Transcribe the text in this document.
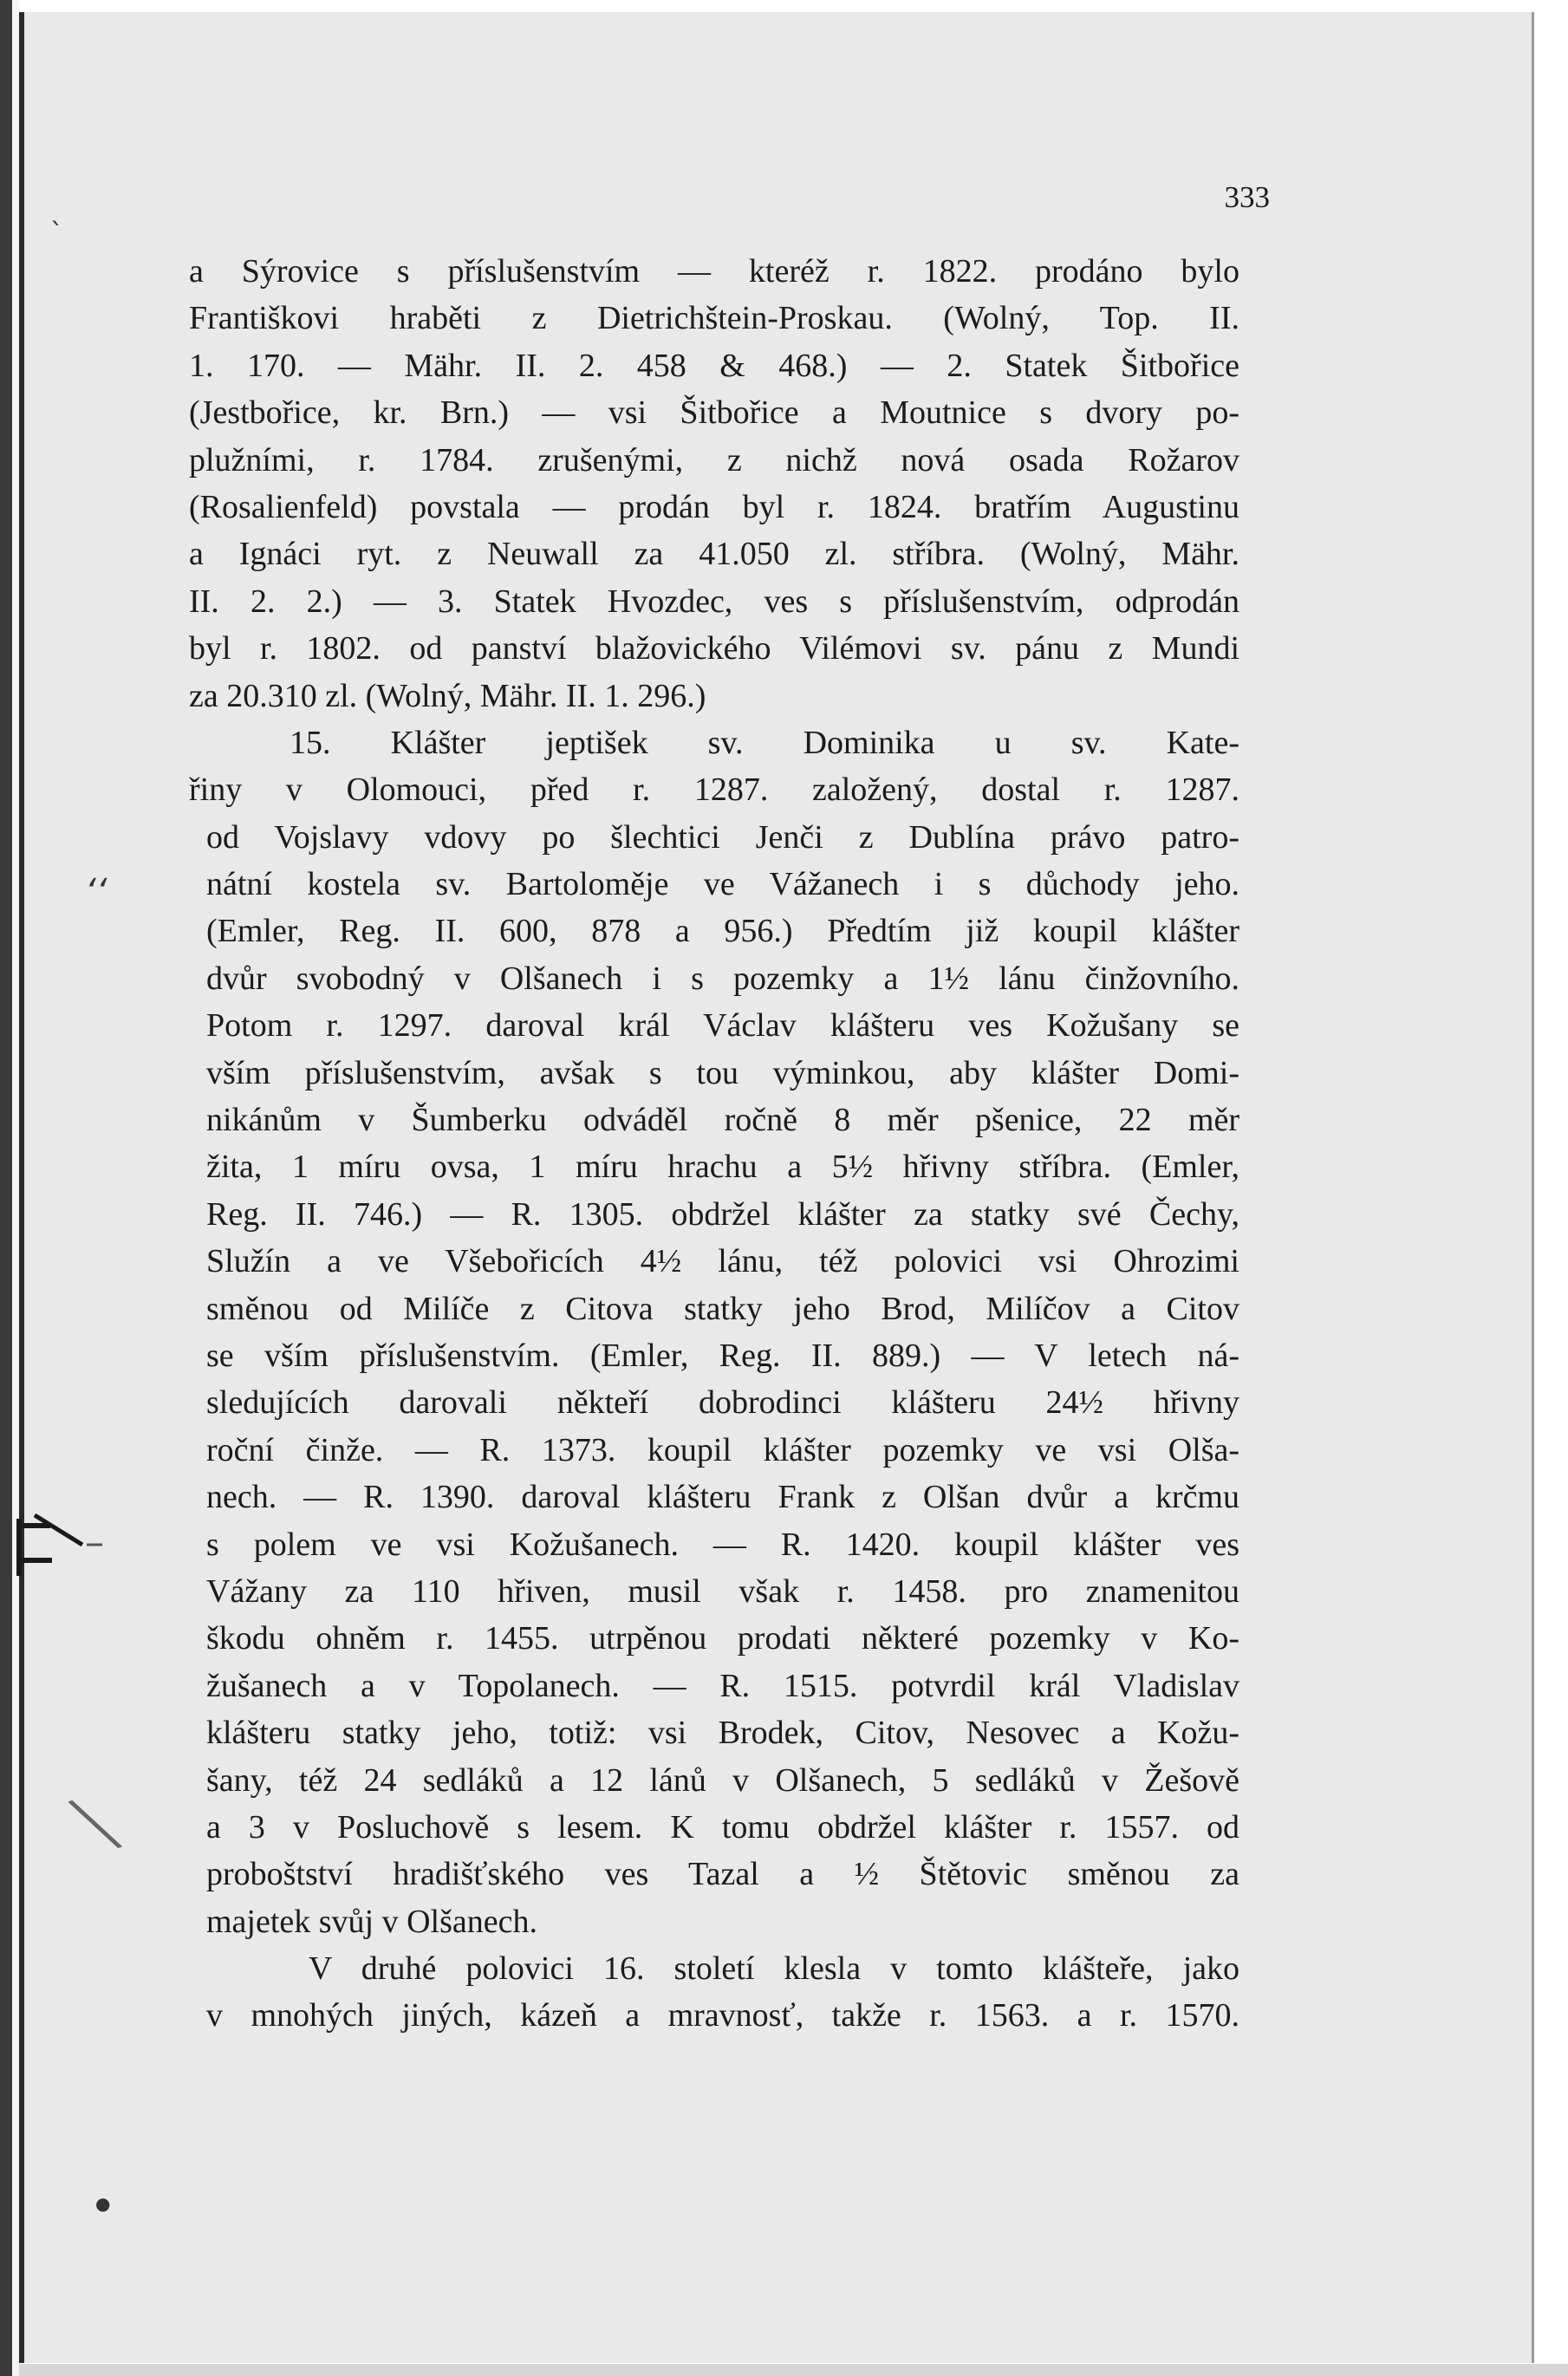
ˎ
ʻʻ
╲
●
333
a Sýrovice s příslušenstvím — kteréž r. 1822. prodáno bylo
Františkovi hraběti z Dietrichštein-Proskau. (Wolný, Top. II.
1. 170. — Mähr. II. 2. 458 & 468.) — 2. Statek Šitbořice
(Jestbořice, kr. Brn.) — vsi Šitbořice a Moutnice s dvory po-
plužními, r. 1784. zrušenými, z nichž nová osada Rožarov
(Rosalienfeld) povstala — prodán byl r. 1824. bratřím Augustinu
a Ignáci ryt. z Neuwall za 41.050 zl. stříbra. (Wolný, Mähr.
II. 2. 2.) — 3. Statek Hvozdec, ves s příslušenstvím, odprodán
byl r. 1802. od panství blažovického Vilémovi sv. pánu z Mundi
za 20.310 zl. (Wolný, Mähr. II. 1. 296.)
15. Klášter jeptišek sv. Dominika u sv. Kate-
řiny v Olomouci, před r. 1287. založený, dostal r. 1287.
od Vojslavy vdovy po šlechtici Jenči z Dublína právo patro-
nátní kostela sv. Bartoloměje ve Vážanech i s důchody jeho.
(Emler, Reg. II. 600, 878 a 956.) Předtím již koupil klášter
dvůr svobodný v Olšanech i s pozemky a 1½ lánu činžovního.
Potom r. 1297. daroval král Václav klášteru ves Kožušany se
vším příslušenstvím, avšak s tou výminkou, aby klášter Domi-
nikánům v Šumberku odváděl ročně 8 měr pšenice, 22 měr
žita, 1 míru ovsa, 1 míru hrachu a 5½ hřivny stříbra. (Emler,
Reg. II. 746.) — R. 1305. obdržel klášter za statky své Čechy,
Služín a ve Všebořicích 4½ lánu, též polovici vsi Ohrozimi
směnou od Milíče z Citova statky jeho Brod, Milíčov a Citov
se vším příslušenstvím. (Emler, Reg. II. 889.) — V letech ná-
sledujících darovali někteří dobrodinci klášteru 24½ hřivny
roční činže. — R. 1373. koupil klášter pozemky ve vsi Olša-
nech. — R. 1390. daroval klášteru Frank z Olšan dvůr a krčmu
s polem ve vsi Kožušanech. — R. 1420. koupil klášter ves
Vážany za 110 hřiven, musil však r. 1458. pro znamenitou
škodu ohněm r. 1455. utrpěnou prodati některé pozemky v Ko-
žušanech a v Topolanech. — R. 1515. potvrdil král Vladislav
klášteru statky jeho, totiž: vsi Brodek, Citov, Nesovec a Kožu-
šany, též 24 sedláků a 12 lánů v Olšanech, 5 sedláků v Žešově
a 3 v Posluchově s lesem. K tomu obdržel klášter r. 1557. od
proboštství hradišťského ves Tazal a ½ Štětovic směnou za
majetek svůj v Olšanech.
V druhé polovici 16. století klesla v tomto klášteře, jako
v mnohých jiných, kázeň a mravnosť, takže r. 1563. a r. 1570.
